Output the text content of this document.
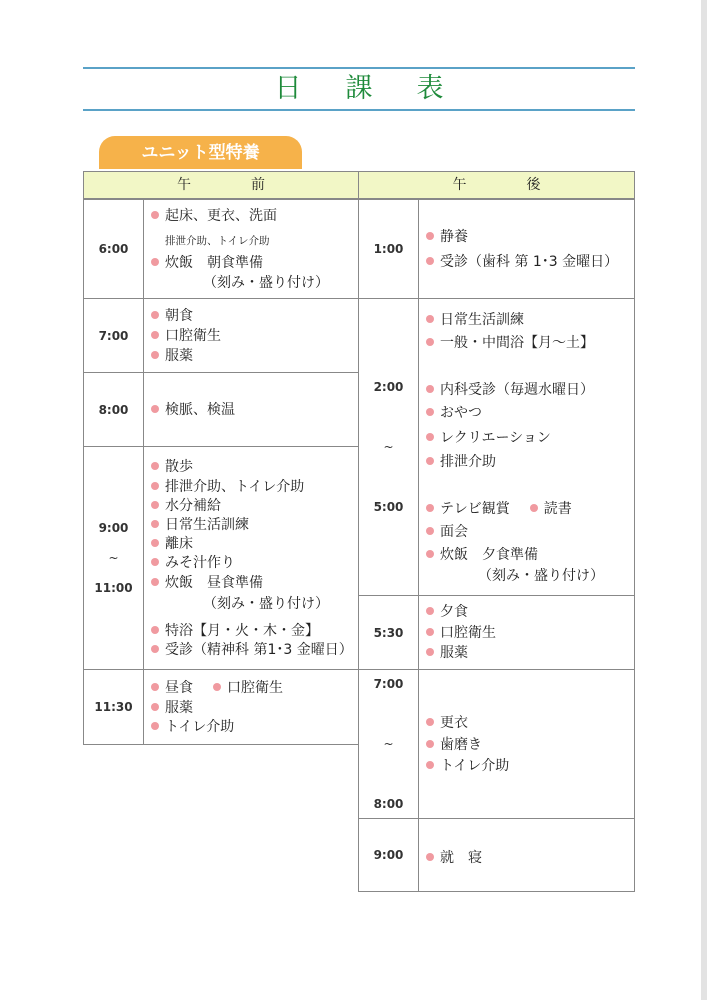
日課表
ユニット型特養
午前	午後
6:00
起床、更衣、洗面
排泄介助、トイレ介助
炊飯　朝食準備
（刻み・盛り付け）
7:00
朝食
口腔衛生
服薬
8:00	検脈、検温
9:00
~
11:00
散歩
排泄介助、トイレ介助
水分補給
日常生活訓練
離床
みそ汁作り
炊飯　昼食準備
（刻み・盛り付け）
特浴【月・火・木・金】
受診（精神科 第1･3 金曜日）
11:30
昼食 口腔衛生
服薬
トイレ介助
1:00
静養
受診（歯科 第 1･3 金曜日）
2:00
~
5:00
日常生活訓練
一般・中間浴【月～土】
内科受診（毎週水曜日）
おやつ
レクリエーション
排泄介助
テレビ観賞 読書
面会
炊飯　夕食準備
（刻み・盛り付け）
5:30
夕食
口腔衛生
服薬
7:00
~
8:00
更衣
歯磨き
トイレ介助
9:00	就　寝
